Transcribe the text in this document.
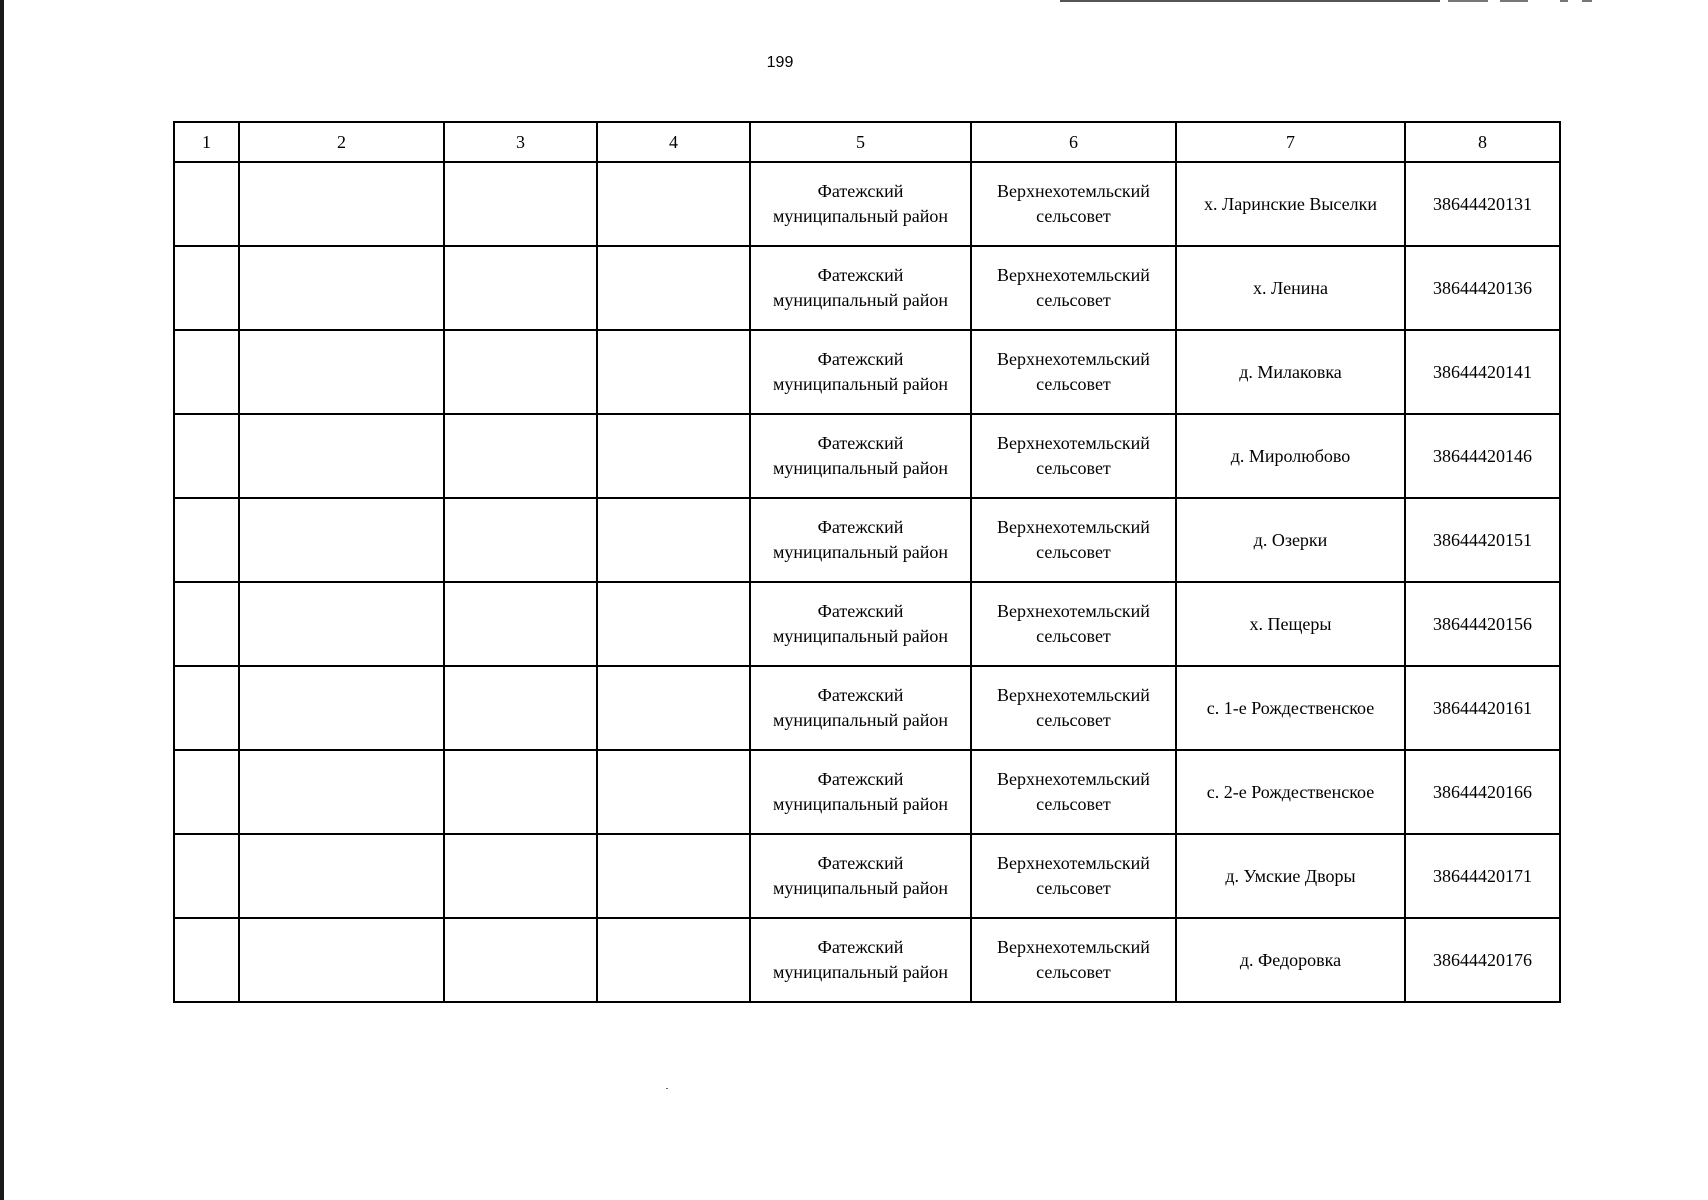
199
1	2	3	4	5	6	7	8
				Фатежский муниципальный район	Верхнехотемльский сельсовет	х. Ларинские Выселки	38644420131
				Фатежский муниципальный район	Верхнехотемльский сельсовет	х. Ленина	38644420136
				Фатежский муниципальный район	Верхнехотемльский сельсовет	д. Милаковка	38644420141
				Фатежский муниципальный район	Верхнехотемльский сельсовет	д. Миролюбово	38644420146
				Фатежский муниципальный район	Верхнехотемльский сельсовет	д. Озерки	38644420151
				Фатежский муниципальный район	Верхнехотемльский сельсовет	х. Пещеры	38644420156
				Фатежский муниципальный район	Верхнехотемльский сельсовет	с. 1-е Рождественское	38644420161
				Фатежский муниципальный район	Верхнехотемльский сельсовет	с. 2-е Рождественское	38644420166
				Фатежский муниципальный район	Верхнехотемльский сельсовет	д. Умские Дворы	38644420171
				Фатежский муниципальный район	Верхнехотемльский сельсовет	д. Федоровка	38644420176
